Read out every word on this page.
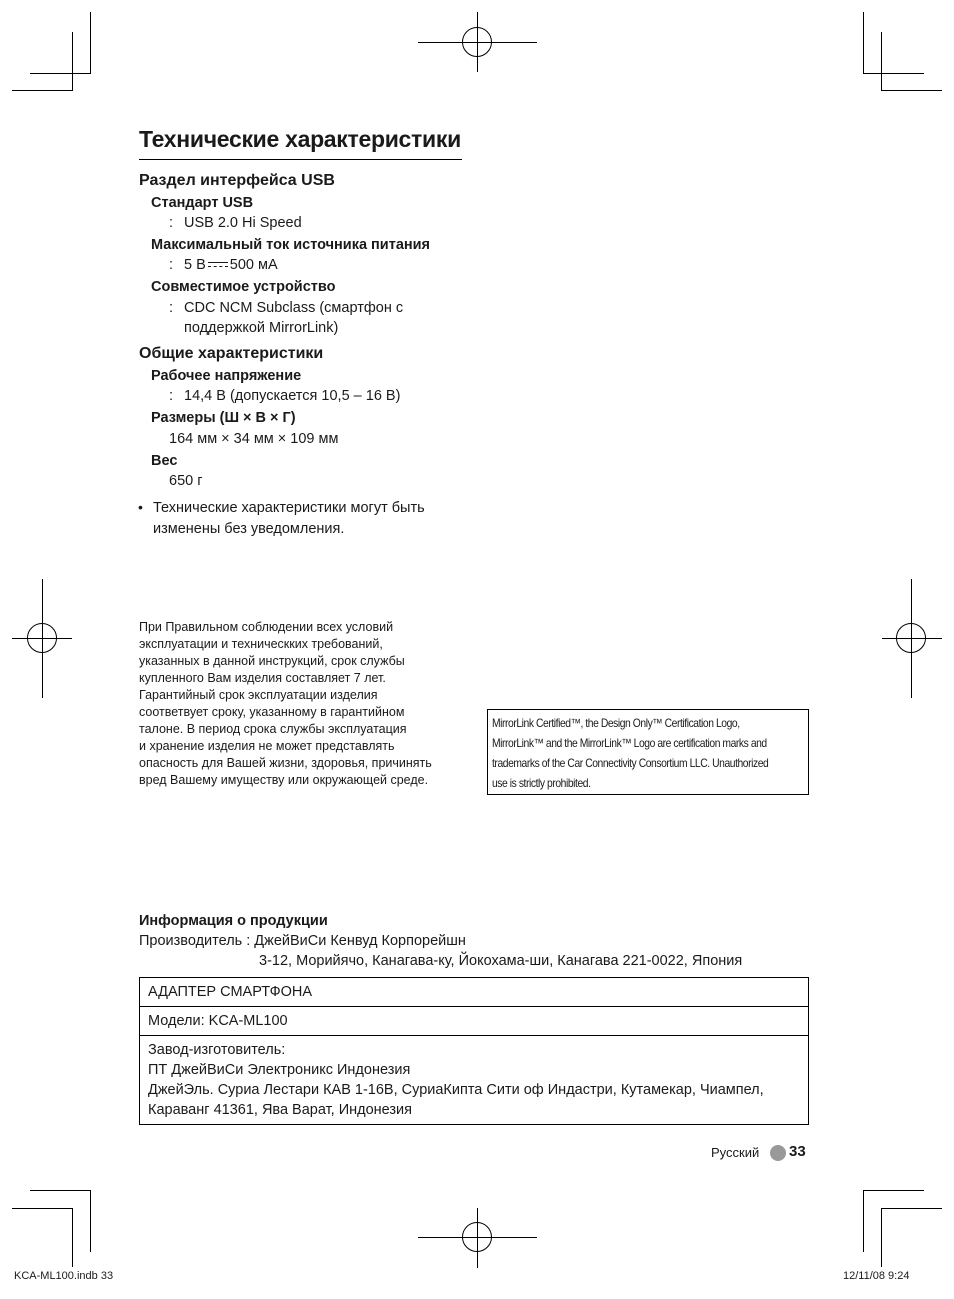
Технические характеристики
Раздел интерфейса USB
Стандарт USB
: USB 2.0 Hi Speed
Максимальный ток источника питания
: 5 В 500 мА
Совместимое устройство
: CDC NCM Subclass (смартфон с
поддержкой MirrorLink)
Общие характеристики
Рабочее напряжение
: 14,4 В (допускается 10,5 – 16 В)
Размеры (Ш × В × Г)
164 мм × 34 мм × 109 мм
Вес
650 г
• Технические характеристики могут быть изменены без уведомления.
При Правильном соблюдении всех условий
эксплуатации и техническких требований,
указанных в данной инструкций, срок службы
купленного Вам изделия составляет 7 лет.
Гарантийный срок эксплуатации изделия
соответвует сроку, указанному в гарантийном
талоне. В период срока службы эксплуатация
и хранение изделия не может представлять
опасность для Вашей жизни, здоровья, причинять
вред Вашему имуществу или окружающей среде.
MirrorLink Certified™, the Design Only™ Certification Logo,
MirrorLink™ and the MirrorLink™ Logo are certification marks and
trademarks of the Car Connectivity Consortium LLC. Unauthorized
use is strictly prohibited.
Информация о продукции
Производитель : ДжейВиСи Кенвуд Корпорейшн
3-12, Морийячо, Канагава-ку, Йокохама-ши, Канагава 221-0022, Япония
АДАПТЕР СМАРТФОНА
Модели: KCA-ML100
Завод-изготовитель:
ПТ ДжейВиСи Электроникс Индонезия
ДжейЭль. Суриа Лестари КАВ 1-16В, СуриаКипта Сити оф Индастри, Кутамекар, Чиампел,
Караванг 41361, Ява Варат, Индонезия
Русский 33
KCA-ML100.indb 33	12/11/08 9:24
